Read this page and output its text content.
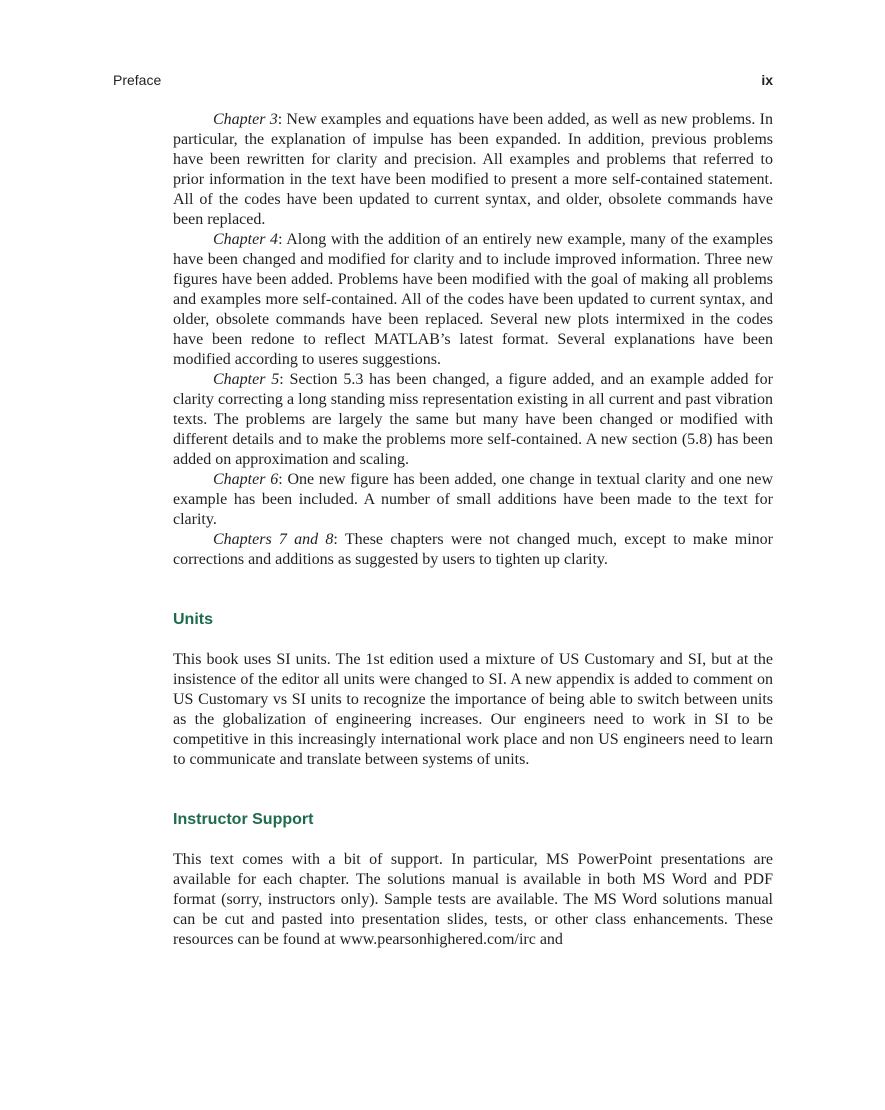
Preface	ix

Chapter 3: New examples and equations have been added, as well as new problems. In particular, the explanation of impulse has been expanded. In addition, previous problems have been rewritten for clarity and precision. All examples and problems that referred to prior information in the text have been modified to present a more self-contained statement. All of the codes have been updated to current syntax, and older, obsolete commands have been replaced.

Chapter 4: Along with the addition of an entirely new example, many of the examples have been changed and modified for clarity and to include improved information. Three new figures have been added. Problems have been modified with the goal of making all problems and examples more self-contained. All of the codes have been updated to current syntax, and older, obsolete commands have been replaced. Several new plots intermixed in the codes have been redone to reflect MATLAB’s latest format. Several explanations have been modified according to useres suggestions.

Chapter 5: Section 5.3 has been changed, a figure added, and an example added for clarity correcting a long standing miss representation existing in all current and past vibration texts. The problems are largely the same but many have been changed or modified with different details and to make the problems more self-contained. A new section (5.8) has been added on approximation and scaling.

Chapter 6: One new figure has been added, one change in textual clarity and one new example has been included. A number of small additions have been made to the text for clarity.

Chapters 7 and 8: These chapters were not changed much, except to make minor corrections and additions as suggested by users to tighten up clarity.

Units

This book uses SI units. The 1st edition used a mixture of US Customary and SI, but at the insistence of the editor all units were changed to SI. A new appendix is added to comment on US Customary vs SI units to recognize the importance of being able to switch between units as the globalization of engineering increases. Our engineers need to work in SI to be competitive in this increasingly international work place and non US engineers need to learn to communicate and translate between systems of units.

Instructor Support

This text comes with a bit of support. In particular, MS PowerPoint presentations are available for each chapter. The solutions manual is available in both MS Word and PDF format (sorry, instructors only). Sample tests are available. The MS Word solutions manual can be cut and pasted into presentation slides, tests, or other class enhancements. These resources can be found at www.pearsonhighered.com/irc and
